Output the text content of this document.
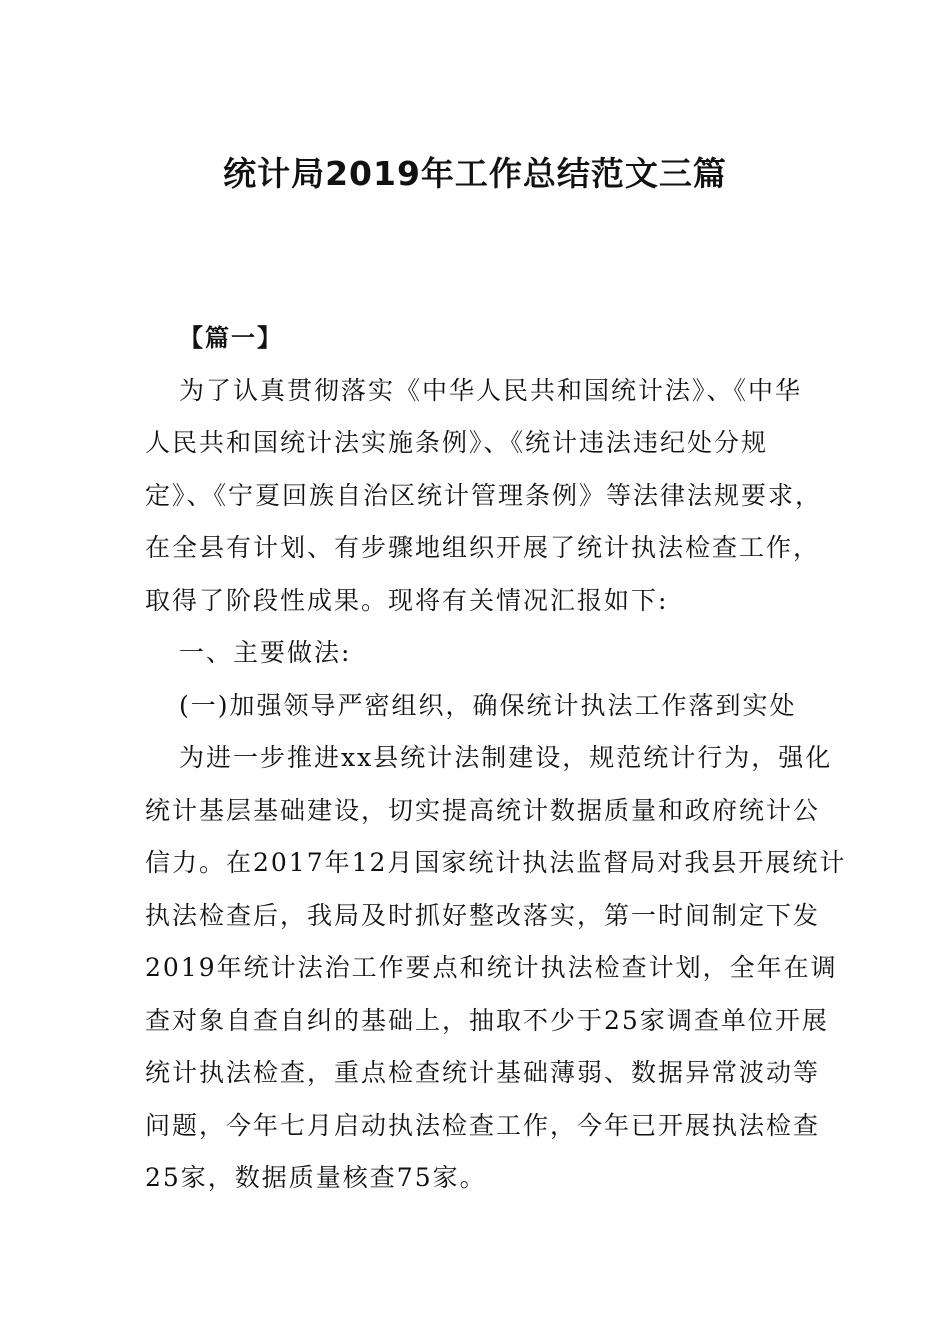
统计局2019年工作总结范文三篇
【篇一】
为了认真贯彻落实《中华人民共和国统计法》、《中华
人民共和国统计法实施条例》、《统计违法违纪处分规
定》、《宁夏回族自治区统计管理条例》等法律法规要求，
在全县有计划、有步骤地组织开展了统计执法检查工作，
取得了阶段性成果。现将有关情况汇报如下:
一、主要做法:
(一)加强领导严密组织，确保统计执法工作落到实处
为进一步推进xx县统计法制建设，规范统计行为，强化
统计基层基础建设，切实提高统计数据质量和政府统计公
信力。在2017年12月国家统计执法监督局对我县开展统计
执法检查后，我局及时抓好整改落实，第一时间制定下发
2019年统计法治工作要点和统计执法检查计划，全年在调
查对象自查自纠的基础上，抽取不少于25家调查单位开展
统计执法检查，重点检查统计基础薄弱、数据异常波动等
问题，今年七月启动执法检查工作，今年已开展执法检查
25家，数据质量核查75家。
